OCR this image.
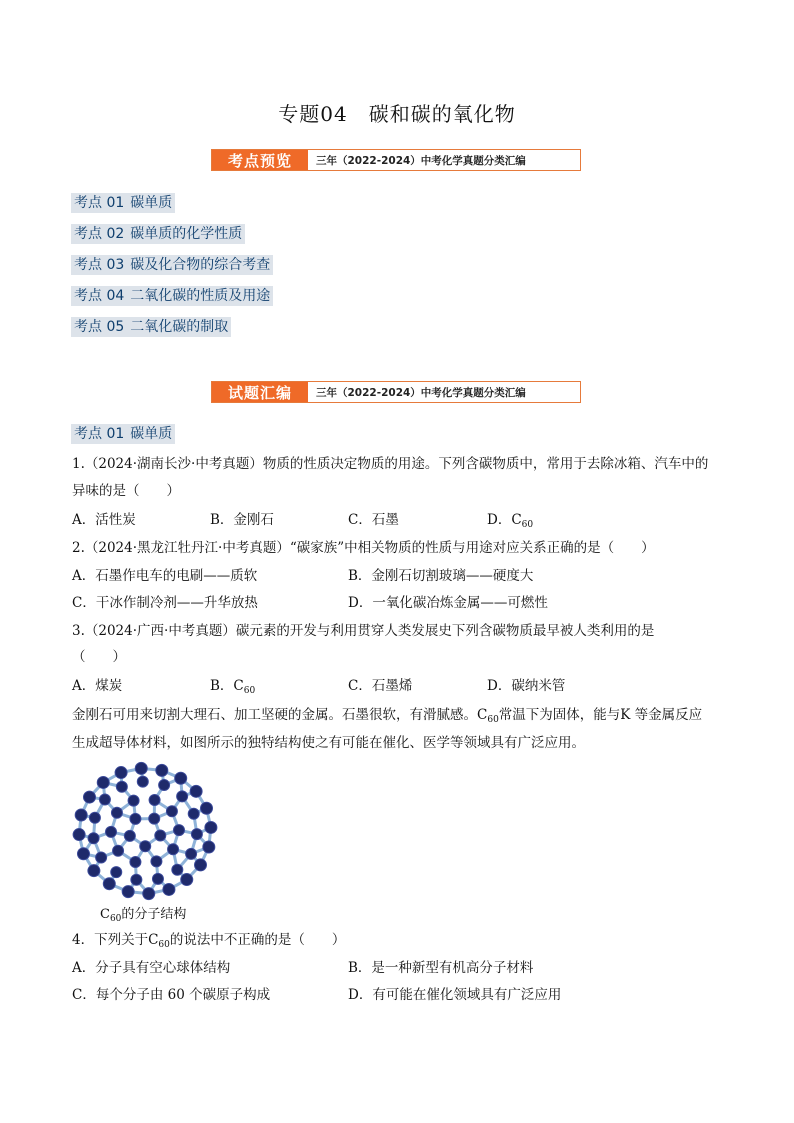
专题04　碳和碳的氧化物
考点预览	三年（2022-2024）中考化学真题分类汇编
考点 01 碳单质
考点 02 碳单质的化学性质
考点 03 碳及化合物的综合考查
考点 04 二氧化碳的性质及用途
考点 05 二氧化碳的制取
试题汇编	三年（2022-2024）中考化学真题分类汇编
考点 01 碳单质
1.（2024·湖南长沙·中考真题）物质的性质决定物质的用途。下列含碳物质中，常用于去除冰箱、汽车中的
异味的是（　　）
A．活性炭	B．金刚石	C．石墨	D．$C_{60}$
2.（2024·黑龙江牡丹江·中考真题）“碳家族”中相关物质的性质与用途对应关系正确的是（　　）
A．石墨作电车的电刷——质软	B．金刚石切割玻璃——硬度大
C．干冰作制冷剂——升华放热	D．一氧化碳冶炼金属——可燃性
3.（2024·广西·中考真题）碳元素的开发与利用贯穿人类发展史下列含碳物质最早被人类利用的是
（　　）
A．煤炭	B．$C_{60}$	C．石墨烯	D．碳纳米管
金刚石可用来切割大理石、加工坚硬的金属。石墨很软，有滑腻感。$C_{60}$常温下为固体，能与K 等金属反应
生成超导体材料，如图所示的独特结构使之有可能在催化、医学等领域具有广泛应用。
$C_{60}$的分子结构
4．下列关于$C_{60}$的说法中不正确的是（　　）
A．分子具有空心球体结构	B．是一种新型有机高分子材料
C．每个分子由 60 个碳原子构成	D．有可能在催化领域具有广泛应用
